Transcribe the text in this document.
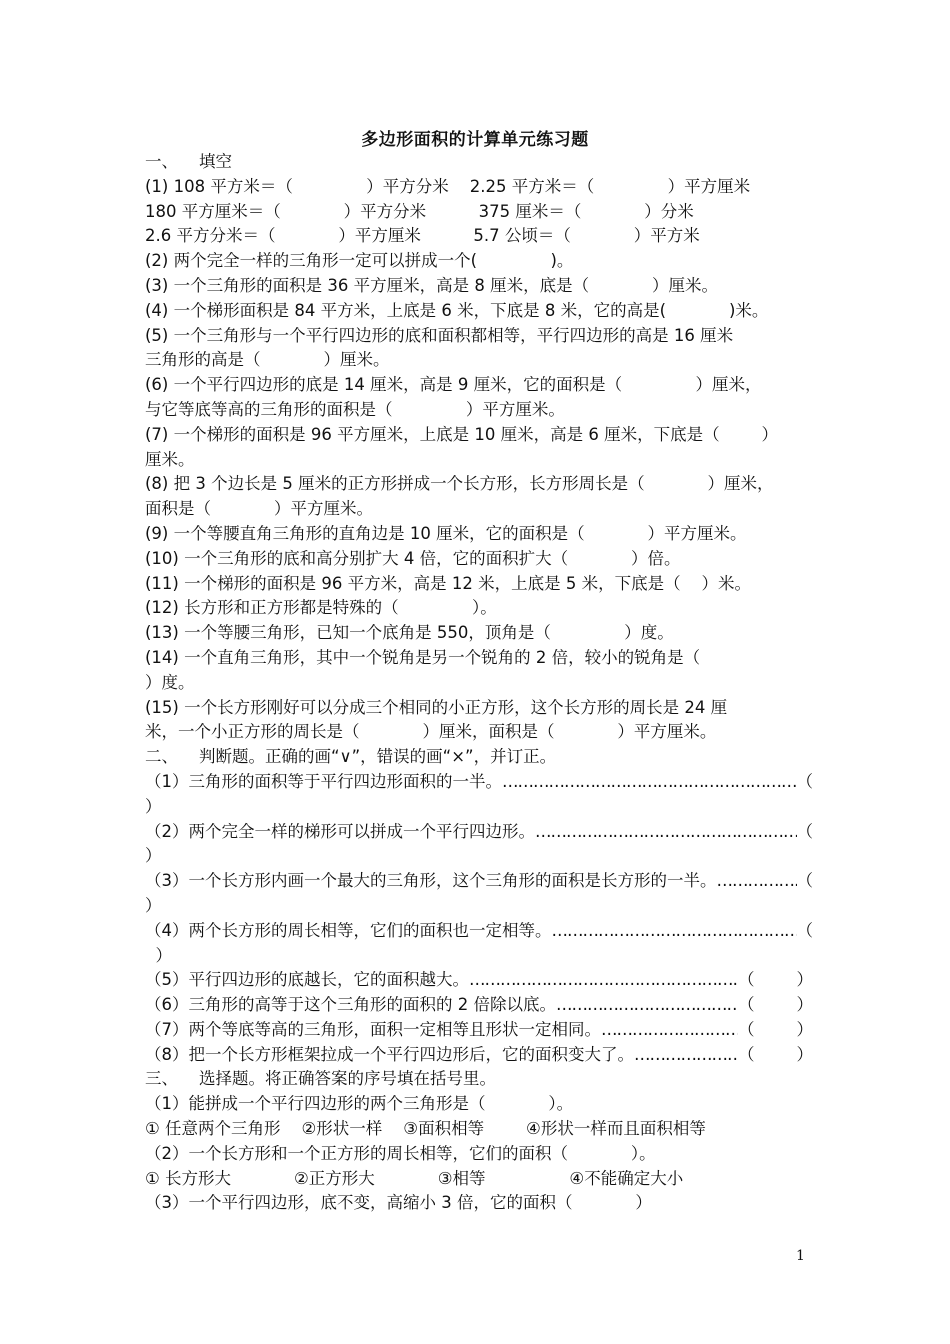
多边形面积的计算单元练习题
一、    填空
(1) 108 平方米＝（              ）平方分米    2.25 平方米＝（              ）平方厘米
180 平方厘米＝（            ）平方分米          375 厘米＝（            ）分米
2.6 平方分米＝（            ）平方厘米          5.7 公顷＝（            ）平方米
(2) 两个完全一样的三角形一定可以拼成一个(              )。
(3) 一个三角形的面积是 36 平方厘米，高是 8 厘米，底是（            ）厘米。
(4) 一个梯形面积是 84 平方米，上底是 6 米，下底是 8 米，它的高是(            )米。
(5) 一个三角形与一个平行四边形的底和面积都相等，平行四边形的高是 16 厘米
三角形的高是（            ）厘米。
(6) 一个平行四边形的底是 14 厘米，高是 9 厘米，它的面积是（              ）厘米，
与它等底等高的三角形的面积是（              ）平方厘米。
(7) 一个梯形的面积是 96 平方厘米，上底是 10 厘米，高是 6 厘米，下底是（        ）
厘米。
(8) 把 3 个边长是 5 厘米的正方形拼成一个长方形，长方形周长是（            ）厘米，
面积是（            ）平方厘米。
(9) 一个等腰直角三角形的直角边是 10 厘米，它的面积是（            ）平方厘米。
(10) 一个三角形的底和高分别扩大 4 倍，它的面积扩大（            ）倍。
(11) 一个梯形的面积是 96 平方米，高是 12 米，上底是 5 米，下底是（    ）米。
(12) 长方形和正方形都是特殊的（              ）。
(13) 一个等腰三角形，已知一个底角是 550，顶角是（              ）度。
(14) 一个直角三角形，其中一个锐角是另一个锐角的 2 倍，较小的锐角是（
）度。
(15) 一个长方形刚好可以分成三个相同的小正方形，这个长方形的周长是 24 厘
米，一个小正方形的周长是（            ）厘米，面积是（            ）平方厘米。
二、    判断题。正确的画“∨”，错误的画“×”，并订正。
（1）三角形的面积等于平行四边形面积的一半。 ……………………………………………………………………………………………………	（
）
（2）两个完全一样的梯形可以拼成一个平行四边形。 ……………………………………………………………………………………………………	（
）
（3）一个长方形内画一个最大的三角形，这个三角形的面积是长方形的一半。 ……………………………………………………………………………………………………	（
）
（4）两个长方形的周长相等，它们的面积也一定相等。 ……………………………………………………………………………………………………	（
）
（5）平行四边形的底越长，它的面积越大。 ……………………………………………………………………………………………………	（        ）
（6）三角形的高等于这个三角形的面积的 2 倍除以底。 ……………………………………………………………………………………………………	（        ）
（7）两个等底等高的三角形，面积一定相等且形状一定相同。 ……………………………………………………………………………………………………	（        ）
（8）把一个长方形框架拉成一个平行四边形后，它的面积变大了。 ……………………………………………………………………………………………………	（        ）
三、    选择题。将正确答案的序号填在括号里。
（1）能拼成一个平行四边形的两个三角形是（            ）。
① 任意两个三角形    ②形状一样    ③面积相等        ④形状一样而且面积相等
（2）一个长方形和一个正方形的周长相等，它们的面积（            ）。
① 长方形大            ②正方形大            ③相等                ④不能确定大小
（3）一个平行四边形，底不变，高缩小 3 倍，它的面积（            ）
1
